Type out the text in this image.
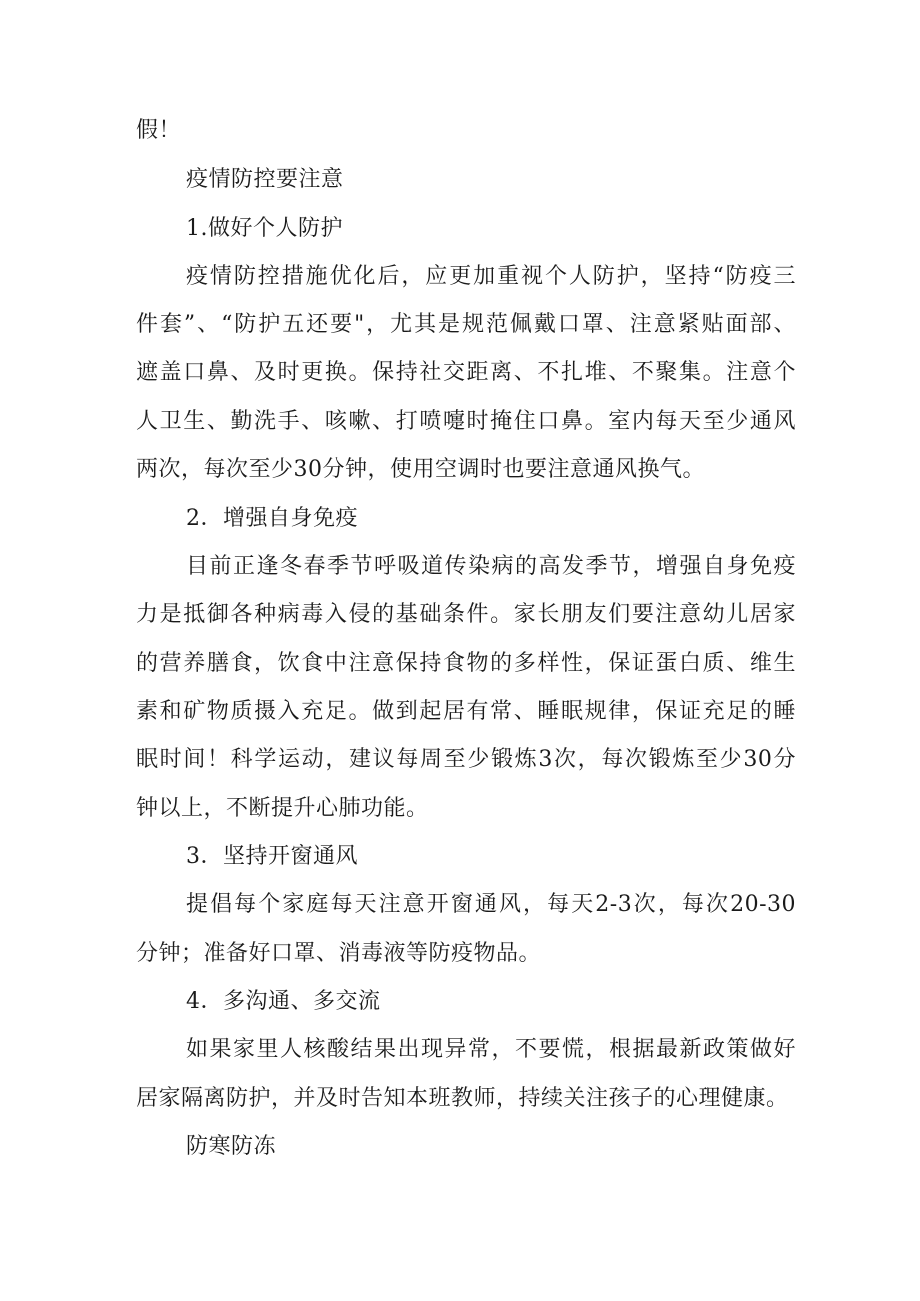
假！

疫情防控要注意

1.做好个人防护

疫情防控措施优化后，应更加重视个人防护，坚持“防疫三

件套”、“防护五还要"，尤其是规范佩戴口罩、注意紧贴面部、

遮盖口鼻、及时更换。保持社交距离、不扎堆、不聚集。注意个

人卫生、勤洗手、咳嗽、打喷嚏时掩住口鼻。室内每天至少通风

两次，每次至少30分钟，使用空调时也要注意通风换气。

2．增强自身免疫

目前正逢冬春季节呼吸道传染病的高发季节，增强自身免疫

力是抵御各种病毒入侵的基础条件。家长朋友们要注意幼儿居家

的营养膳食，饮食中注意保持食物的多样性，保证蛋白质、维生

素和矿物质摄入充足。做到起居有常、睡眠规律，保证充足的睡

眠时间！科学运动，建议每周至少锻炼3次，每次锻炼至少30分

钟以上，不断提升心肺功能。

3．坚持开窗通风

提倡每个家庭每天注意开窗通风，每天2-3次，每次20-30

分钟；准备好口罩、消毒液等防疫物品。

4．多沟通、多交流

如果家里人核酸结果出现异常，不要慌，根据最新政策做好

居家隔离防护，并及时告知本班教师，持续关注孩子的心理健康。

防寒防冻
